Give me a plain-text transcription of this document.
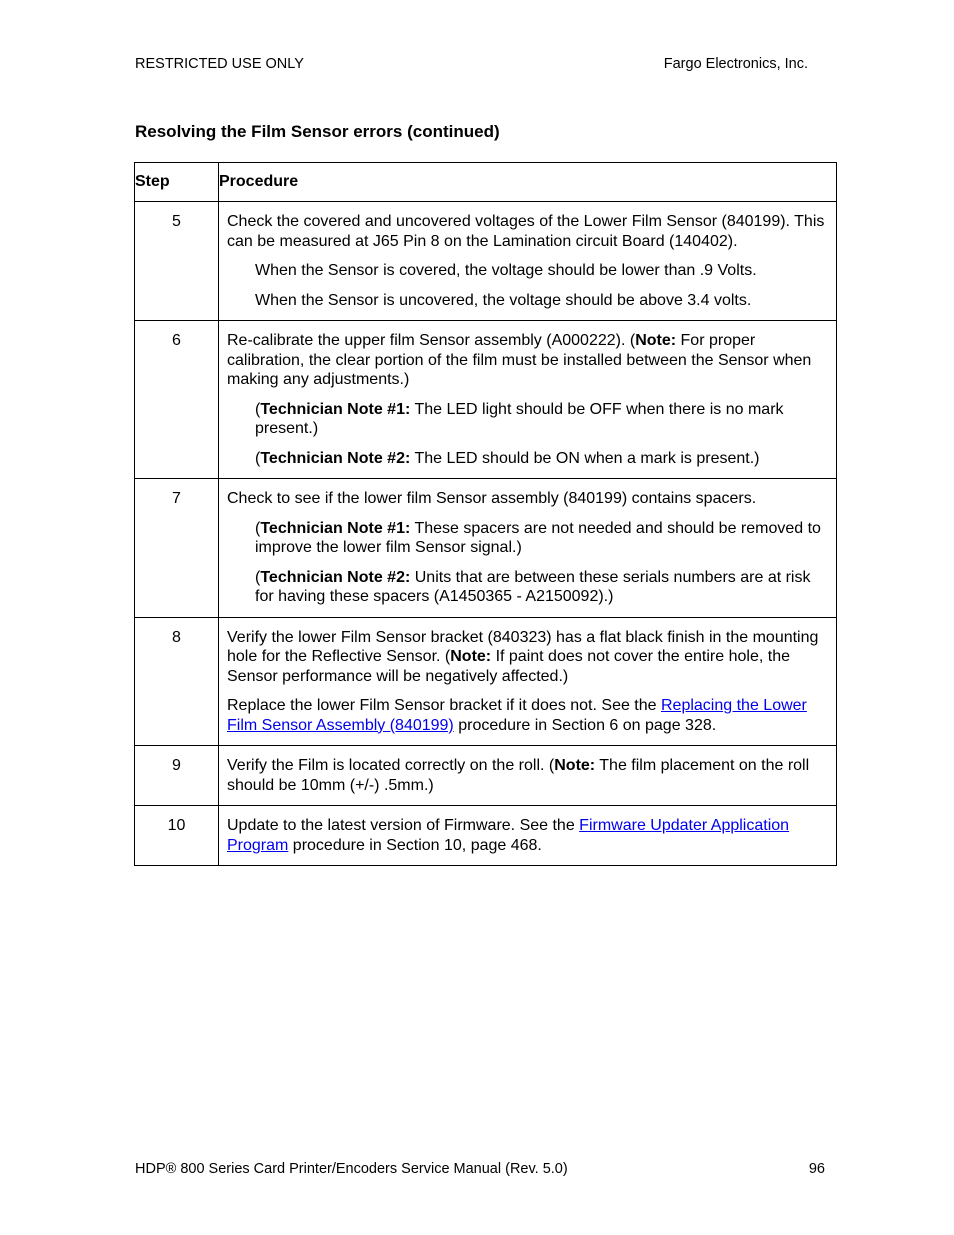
RESTRICTED USE ONLY	Fargo Electronics, Inc.
Resolving the Film Sensor errors (continued)
Step	Procedure
5	Check the covered and uncovered voltages of the Lower Film Sensor (840199). This can be measured at J65 Pin 8 on the Lamination circuit Board (140402).

When the Sensor is covered, the voltage should be lower than .9 Volts.

When the Sensor is uncovered, the voltage should be above 3.4 volts.

6	Re-calibrate the upper film Sensor assembly (A000222). (Note: For proper calibration, the clear portion of the film must be installed between the Sensor when making any adjustments.)

(Technician Note #1: The LED light should be OFF when there is no mark present.)

(Technician Note #2: The LED should be ON when a mark is present.)

7	Check to see if the lower film Sensor assembly (840199) contains spacers.

(Technician Note #1: These spacers are not needed and should be removed to improve the lower film Sensor signal.)

(Technician Note #2: Units that are between these serials numbers are at risk for having these spacers (A1450365 - A2150092).)

8	Verify the lower Film Sensor bracket (840323) has a flat black finish in the mounting hole for the Reflective Sensor. (Note: If paint does not cover the entire hole, the Sensor performance will be negatively affected.)

Replace the lower Film Sensor bracket if it does not. See the Replacing the Lower Film Sensor Assembly (840199) procedure in Section 6 on page 328.

9	Verify the Film is located correctly on the roll. (Note: The film placement on the roll should be 10mm (+/-) .5mm.)

10	Update to the latest version of Firmware. See the Firmware Updater Application Program procedure in Section 10, page 468.

HDP® 800 Series Card Printer/Encoders Service Manual (Rev. 5.0)	96
